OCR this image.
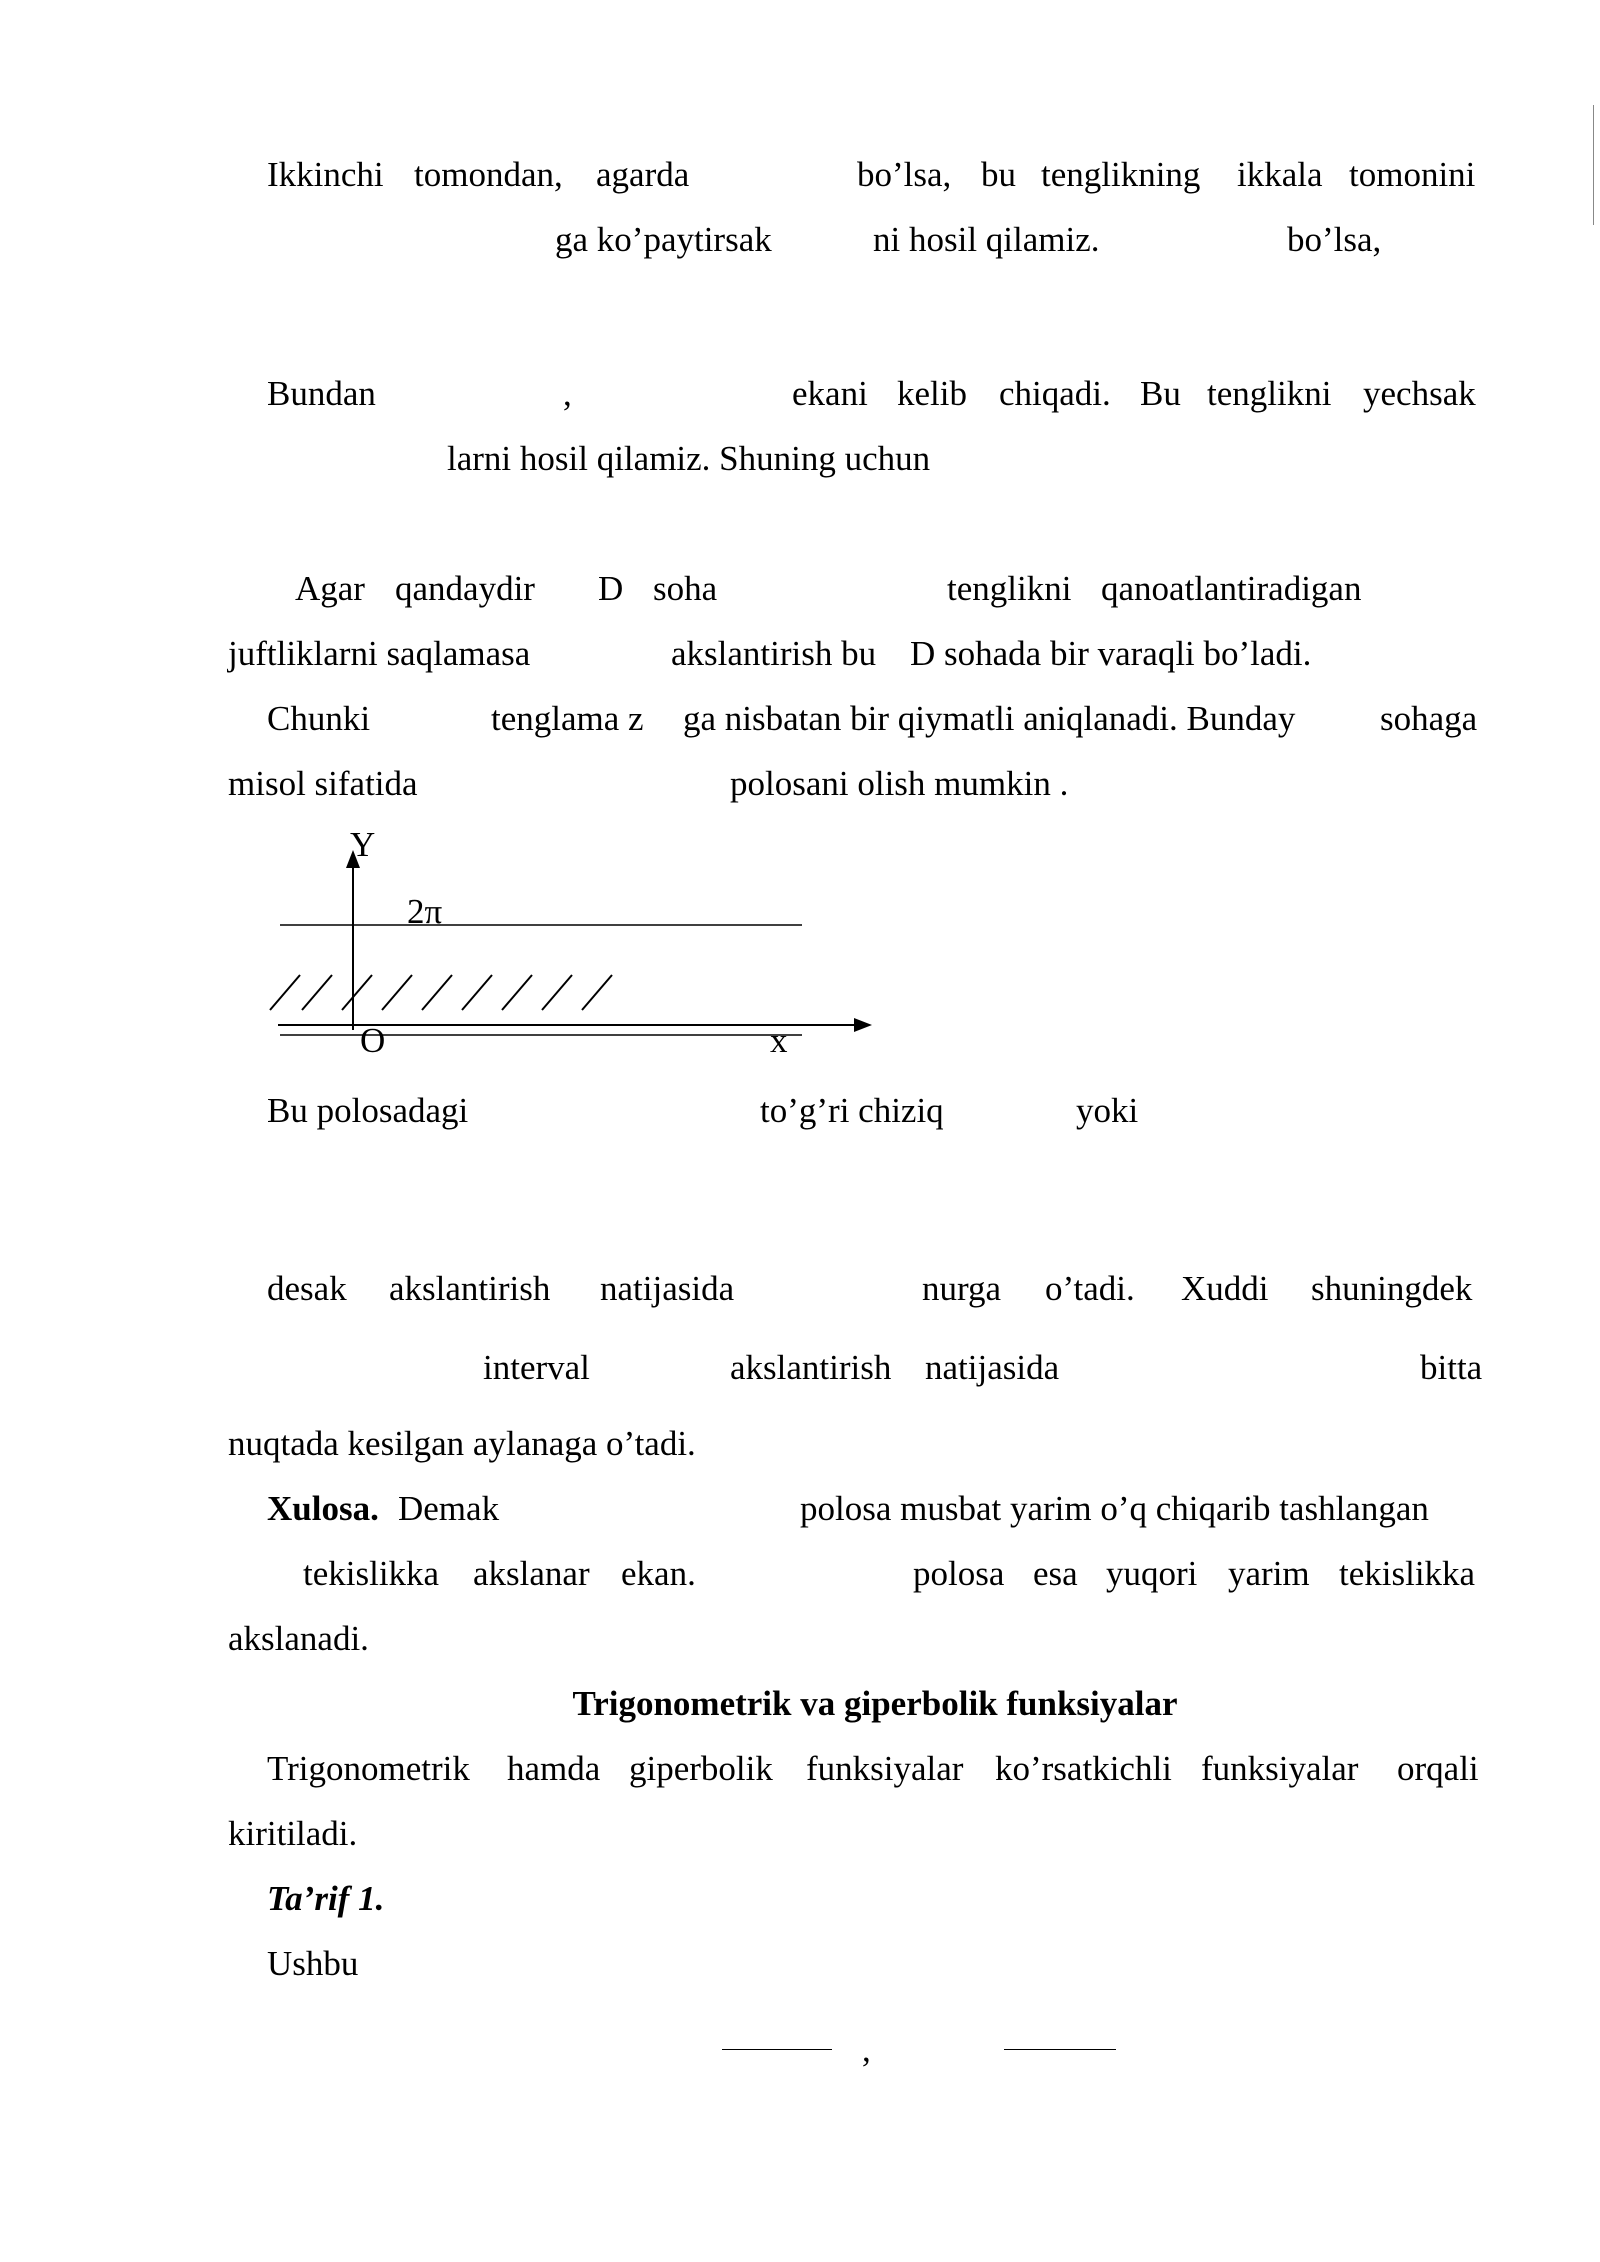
Ikkinchi tomondan, agarda	bo’lsa, bu tenglikning ikkala tomonini
ga ko’paytirsak	ni hosil qilamiz.	bo’lsa,
Bundan	,	ekani kelib chiqadi. Bu tenglikni yechsak
larni hosil qilamiz. Shuning uchun
Agar qandaydir D soha	tenglikni qanoatlantiradigan
juftliklarni saqlamasa	akslantirish bu D sohada bir varaqli bo’ladi.
Chunki	tenglama z ga nisbatan bir qiymatli aniqlanadi. Bunday sohaga
misol sifatida	polosani olish mumkin .
Y
2π
O	x
Bu polosadagi	to’g’ri chiziq	yoki
desak akslantirish natijasida	nurga o’tadi. Xuddi shuningdek
interval	akslantirish natijasida	bitta
nuqtada kesilgan aylanaga o’tadi.
Xulosa. Demak	polosa musbat yarim o’q chiqarib tashlangan
tekislikka akslanar ekan.	polosa esa yuqori yarim tekislikka
akslanadi.
Trigonometrik va giperbolik funksiyalar
Trigonometrik hamda giperbolik funksiyalar ko’rsatkichli funksiyalar orqali
kiritiladi.
Ta’rif 1.
Ushbu
,
